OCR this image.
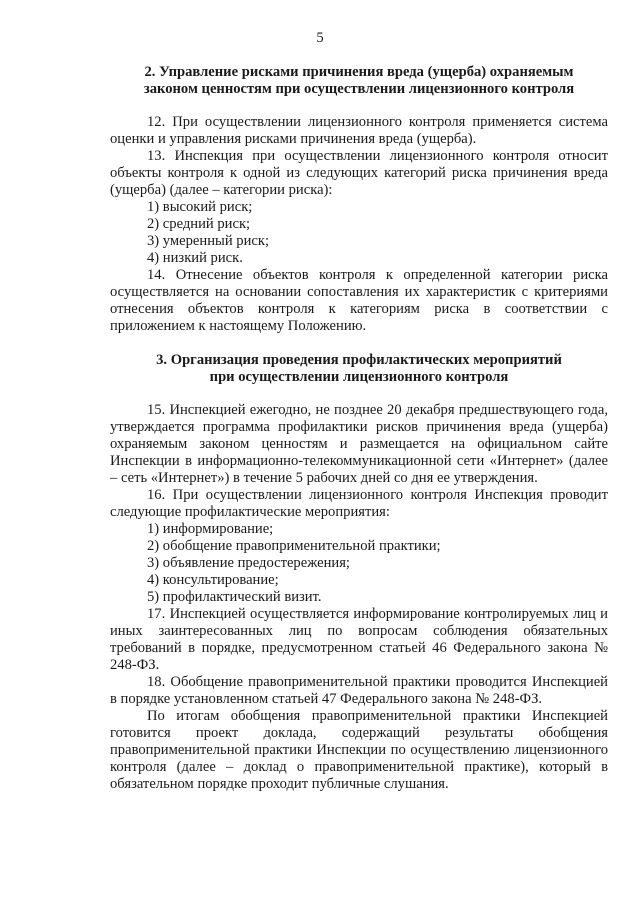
5
2. Управление рисками причинения вреда (ущерба) охраняемым
законом ценностям при осуществлении лицензионного контроля

12. При осуществлении лицензионного контроля применяется система оценки и управления рисками причинения вреда (ущерба).

13. Инспекция при осуществлении лицензионного контроля относит объекты контроля к одной из следующих категорий риска причинения вреда (ущерба) (далее – категории риска):

1) высокий риск;

2) средний риск;

3) умеренный риск;

4) низкий риск.

14. Отнесение объектов контроля к определенной категории риска осуществляется на основании сопоставления их характеристик с критериями отнесения объектов контроля к категориям риска в соответствии с приложением к настоящему Положению.

3. Организация проведения профилактических мероприятий
при осуществлении лицензионного контроля

15. Инспекцией ежегодно, не позднее 20 декабря предшествующего года, утверждается программа профилактики рисков причинения вреда (ущерба) охраняемым законом ценностям и размещается на официальном сайте Инспекции в информационно-телекоммуникационной сети «Интернет» (далее – сеть «Интернет») в течение 5 рабочих дней со дня ее утверждения.

16. При осуществлении лицензионного контроля Инспекция проводит следующие профилактические мероприятия:

1) информирование;

2) обобщение правоприменительной практики;

3) объявление предостережения;

4) консультирование;

5) профилактический визит.

17. Инспекцией осуществляется информирование контролируемых лиц и иных заинтересованных лиц по вопросам соблюдения обязательных требований в порядке, предусмотренном статьей 46 Федерального закона № 248-ФЗ.

18. Обобщение правоприменительной практики проводится Инспекцией в порядке установленном статьей 47 Федерального закона № 248-ФЗ.

По итогам обобщения правоприменительной практики Инспекцией готовится проект доклада, содержащий результаты обобщения правоприменительной практики Инспекции по осуществлению лицензионного контроля (далее – доклад о правоприменительной практике), который в обязательном порядке проходит публичные слушания.
